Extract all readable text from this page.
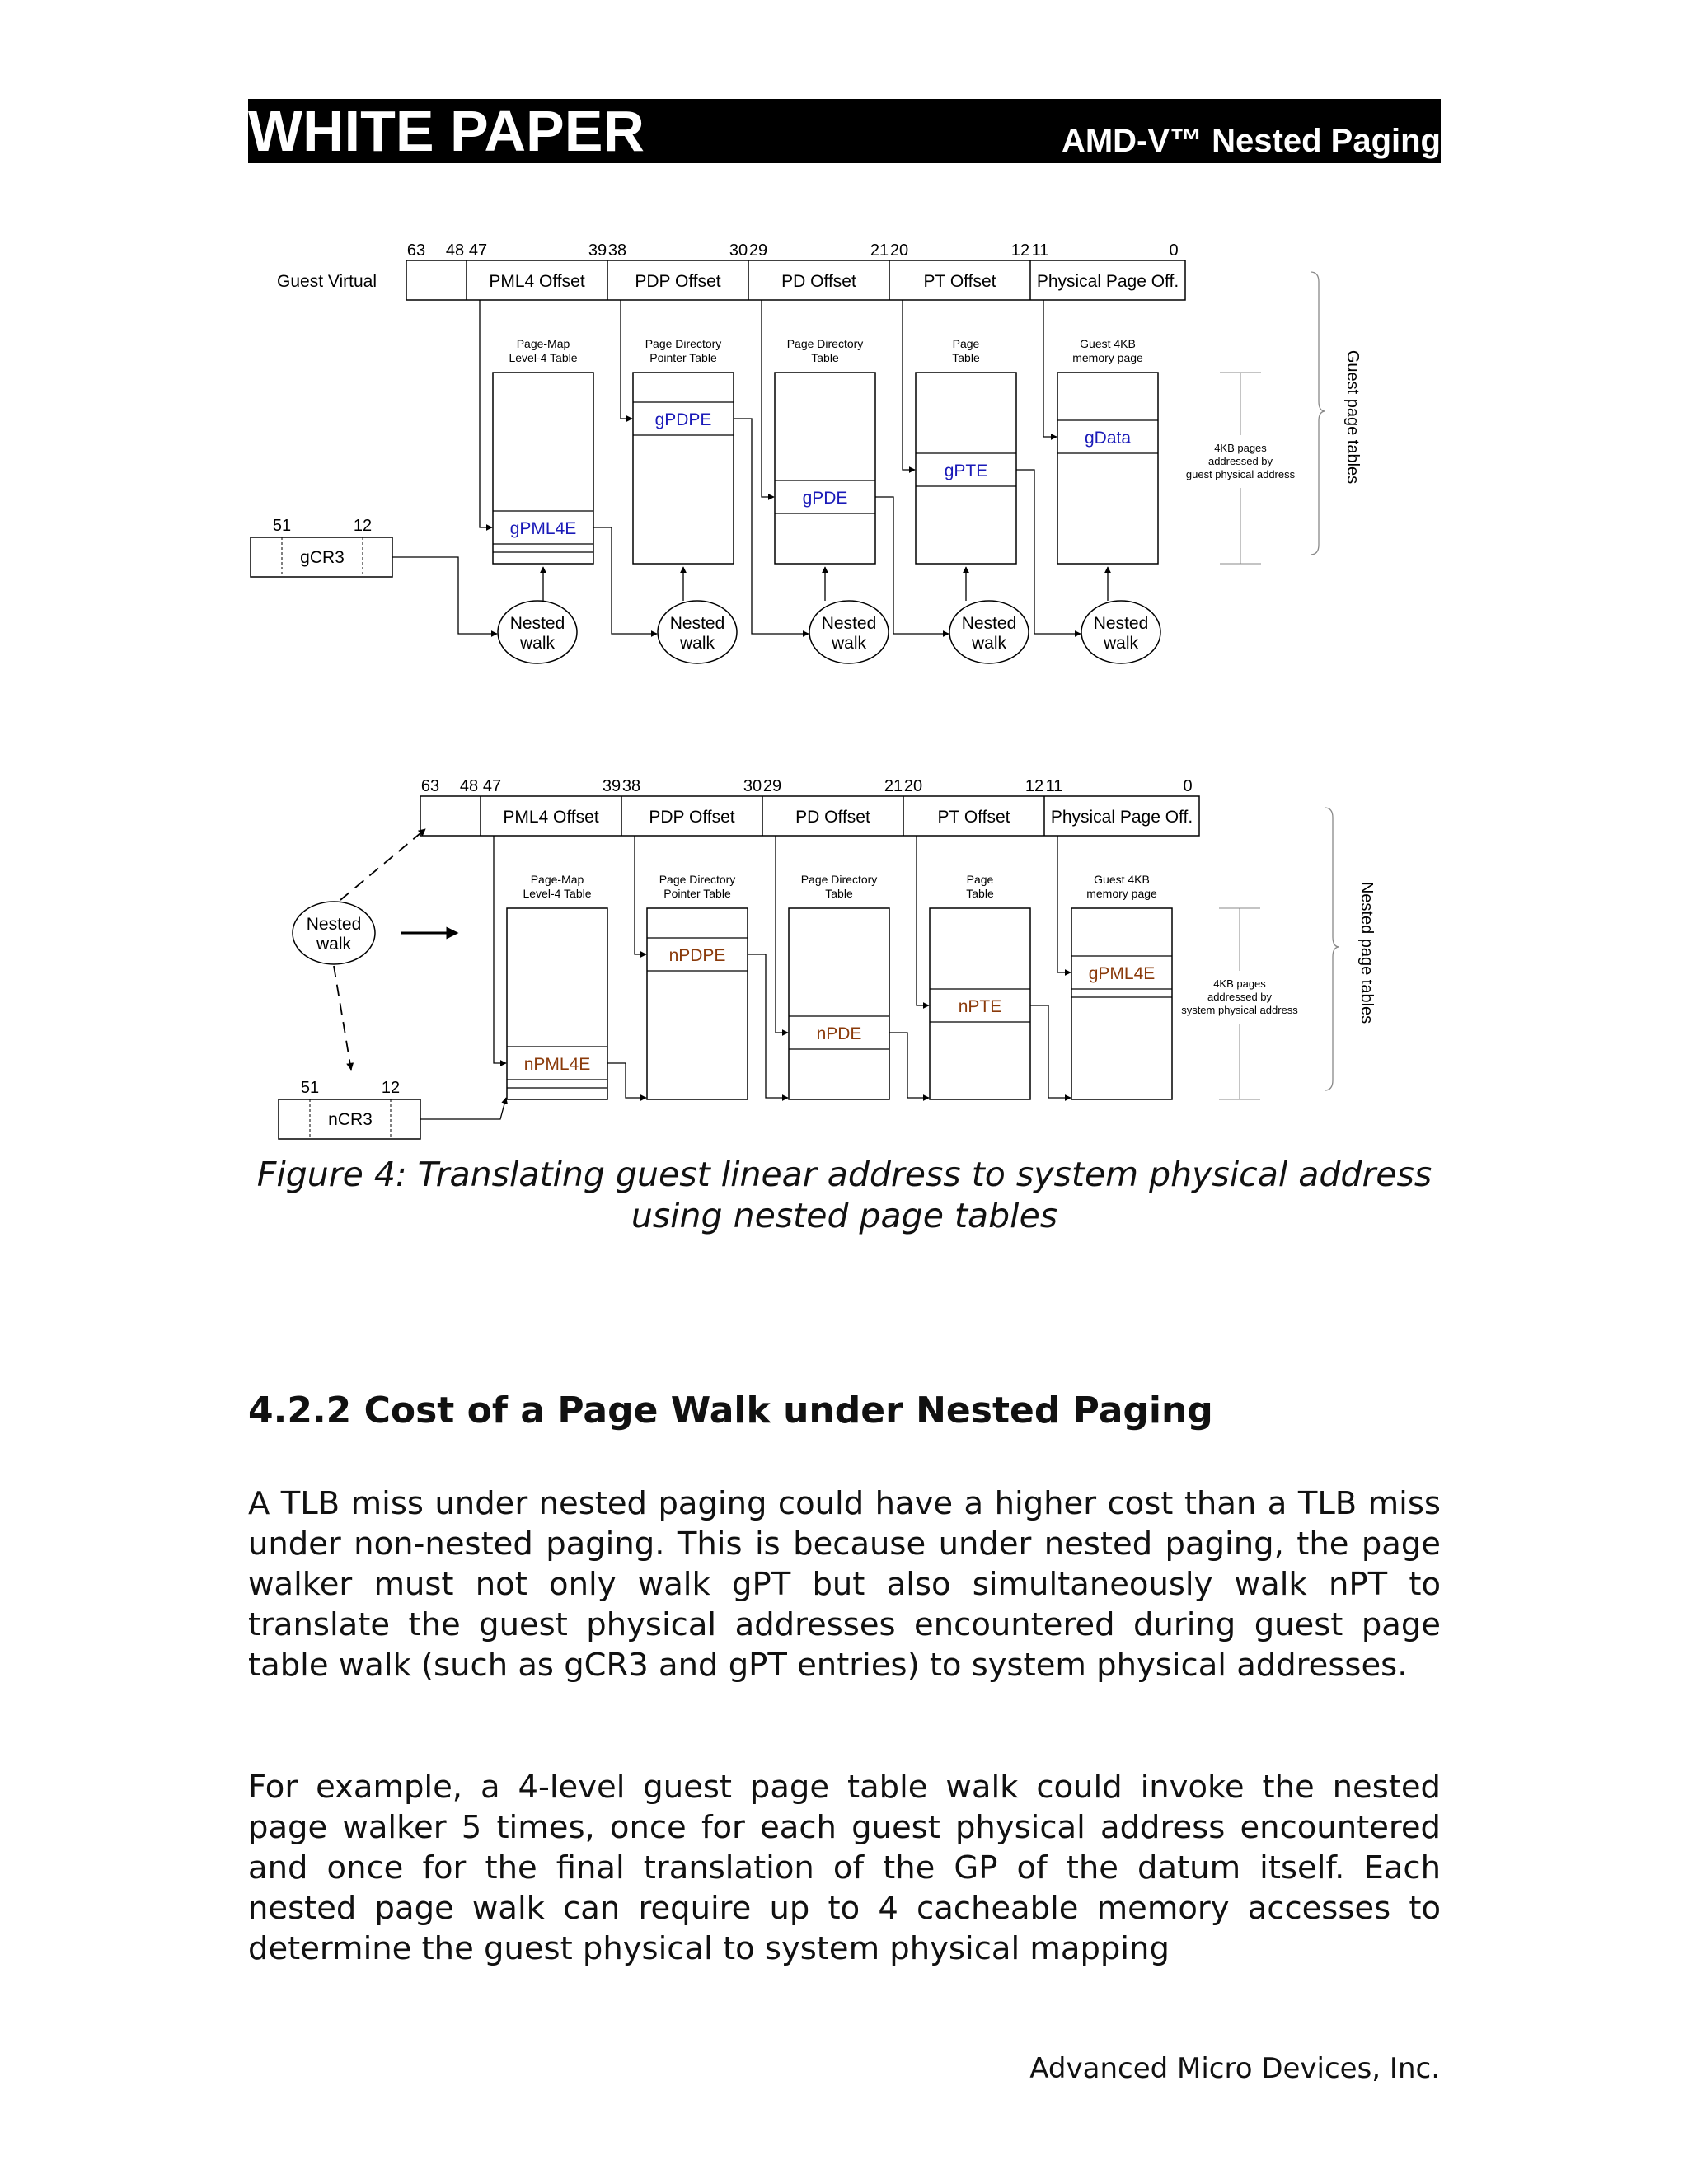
WHITE PAPER	AMD-V™ Nested Paging
63 48 47	39 38	30 29	21 20	12 11	0
PML4 Offset	PDP Offset	PD Offset	PT Offset Physical Page Off.
Guest Virtual
Page-Map
Level-4 Table
gPML4E
Page Directory
Pointer Table
gPDPE
Page Directory
Table
gPDE
Page
Table
gPTE
Guest 4KB
memory page
gData
51	12
gCR3
Nested
walk
Nested
walk
Nested
walk
Nested
walk
Nested
walk
4KB pages
addressed by
guest physical address	Guest page tables
63 48 47	39 38	30 29	21 20	12 11	0
PML4 Offset	PDP Offset	PD Offset	PT Offset Physical Page Off.
Page-Map
Level-4 Table
nPML4E
Page Directory
Pointer Table
nPDPE
Page Directory
Table
nPDE
Page
Table
nPTE
Guest 4KB
memory page
gPML4E
51	12
nCR3
Nested
walk
4KB pages
addressed by
system physical address	Nested page tables
Figure 4: Translating guest linear address to system physical address
using nested page tables
4.2.2 Cost of a Page Walk under Nested Paging
A TLB miss under nested paging could have a higher cost than a TLB miss under non-nested paging. This is because under nested paging, the page walker must not only walk gPT but also simultaneously walk nPT to translate the guest physical addresses encountered during guest page table walk (such as gCR3 and gPT entries) to system physical addresses.
For example, a 4-level guest page table walk could invoke the nested page walker 5 times, once for each guest physical address encountered and once for the final translation of the GP of the datum itself. Each nested page walk can require up to 4 cacheable memory accesses to determine the guest physical to system physical mapping
Advanced Micro Devices, Inc.
